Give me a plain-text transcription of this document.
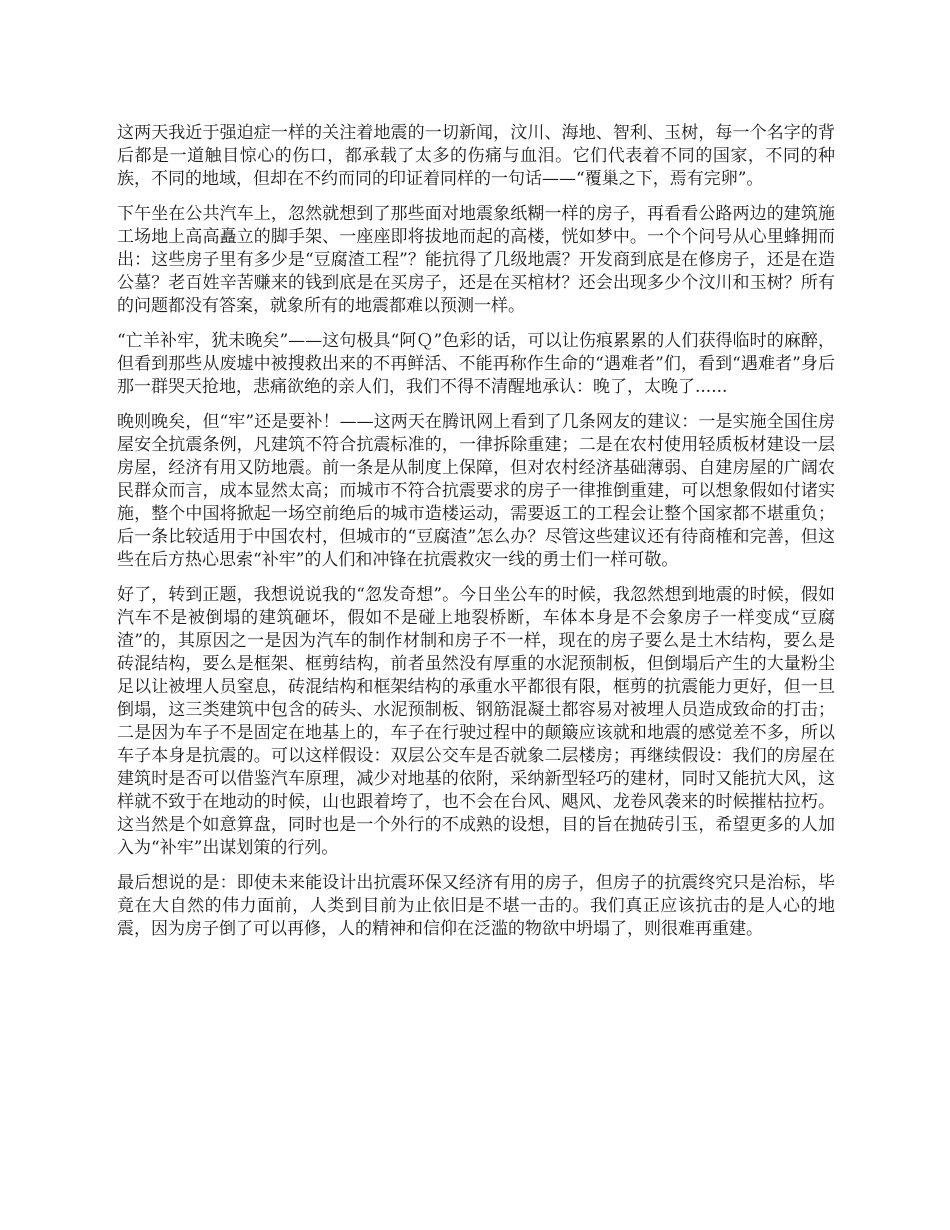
这两天我近于强迫症一样的关注着地震的一切新闻，汶川、海地、智利、玉树，每一个名字的背后都是一道触目惊心的伤口，都承载了太多的伤痛与血泪。它们代表着不同的国家，不同的种族，不同的地域，但却在不约而同的印证着同样的一句话——“覆巢之下，焉有完卵”。

下午坐在公共汽车上，忽然就想到了那些面对地震象纸糊一样的房子，再看看公路两边的建筑施工场地上高高矗立的脚手架、一座座即将拔地而起的高楼，恍如梦中。一个个问号从心里蜂拥而出：这些房子里有多少是“豆腐渣工程”？能抗得了几级地震？开发商到底是在修房子，还是在造公墓？老百姓辛苦赚来的钱到底是在买房子，还是在买棺材？还会出现多少个汶川和玉树？所有的问题都没有答案，就象所有的地震都难以预测一样。

“亡羊补牢，犹未晚矣”——这句极具“阿Ｑ”色彩的话，可以让伤痕累累的人们获得临时的麻醉，但看到那些从废墟中被搜救出来的不再鲜活、不能再称作生命的“遇难者”们，看到“遇难者”身后那一群哭天抢地，悲痛欲绝的亲人们，我们不得不清醒地承认：晚了，太晚了......

晚则晚矣，但“牢”还是要补！——这两天在腾讯网上看到了几条网友的建议：一是实施全国住房屋安全抗震条例，凡建筑不符合抗震标准的，一律拆除重建；二是在农村使用轻质板材建设一层房屋，经济有用又防地震。前一条是从制度上保障，但对农村经济基础薄弱、自建房屋的广阔农民群众而言，成本显然太高；而城市不符合抗震要求的房子一律推倒重建，可以想象假如付诸实施，整个中国将掀起一场空前绝后的城市造楼运动，需要返工的工程会让整个国家都不堪重负；后一条比较适用于中国农村，但城市的“豆腐渣”怎么办？尽管这些建议还有待商榷和完善，但这些在后方热心思索“补牢”的人们和冲锋在抗震救灾一线的勇士们一样可敬。

好了，转到正题，我想说说我的“忽发奇想”。今日坐公车的时候，我忽然想到地震的时候，假如汽车不是被倒塌的建筑砸坏，假如不是碰上地裂桥断，车体本身是不会象房子一样变成“豆腐渣”的，其原因之一是因为汽车的制作材制和房子不一样，现在的房子要么是土木结构，要么是砖混结构，要么是框架、框剪结构，前者虽然没有厚重的水泥预制板，但倒塌后产生的大量粉尘足以让被埋人员窒息，砖混结构和框架结构的承重水平都很有限，框剪的抗震能力更好，但一旦倒塌，这三类建筑中包含的砖头、水泥预制板、钢筋混凝土都容易对被埋人员造成致命的打击；二是因为车子不是固定在地基上的，车子在行驶过程中的颠簸应该就和地震的感觉差不多，所以车子本身是抗震的。可以这样假设：双层公交车是否就象二层楼房；再继续假设：我们的房屋在建筑时是否可以借鉴汽车原理，减少对地基的依附，采纳新型轻巧的建材，同时又能抗大风，这样就不致于在地动的时候，山也跟着垮了，也不会在台风、飓风、龙卷风袭来的时候摧枯拉朽。这当然是个如意算盘，同时也是一个外行的不成熟的设想，目的旨在抛砖引玉，希望更多的人加入为“补牢”出谋划策的行列。

最后想说的是：即使未来能设计出抗震环保又经济有用的房子，但房子的抗震终究只是治标，毕竟在大自然的伟力面前，人类到目前为止依旧是不堪一击的。我们真正应该抗击的是人心的地震，因为房子倒了可以再修，人的精神和信仰在泛滥的物欲中坍塌了，则很难再重建。
